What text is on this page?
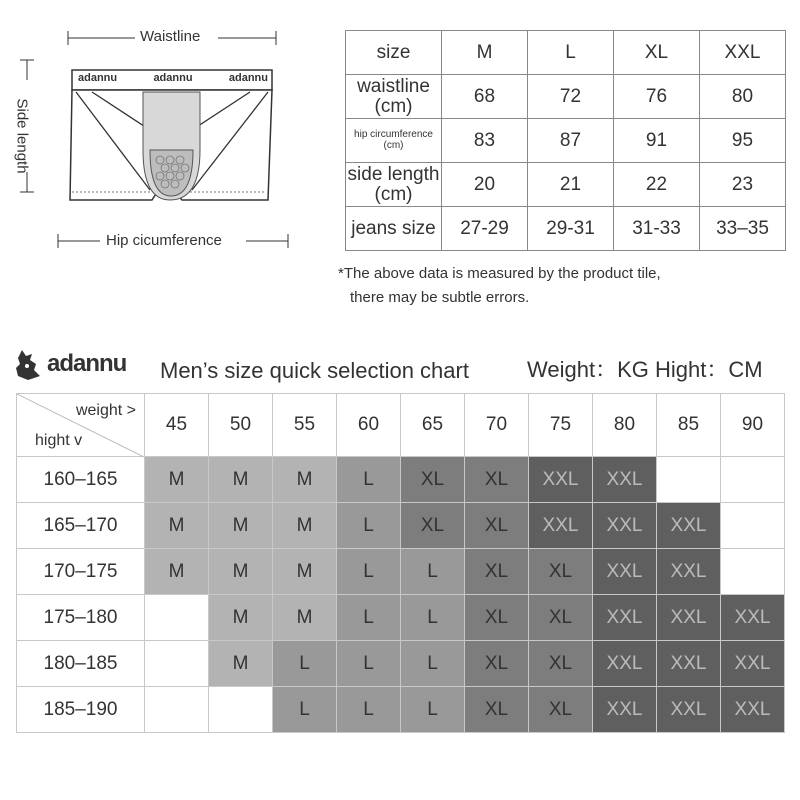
Waistline
Side length
Hip cicumference
adannu	adannu	adannu
size	M	L	XL	XXL

waistline
(cm)	68	72	76	80

hip circumference
(cm)	83	87	91	95

side length
(cm)	20	21	22	23

jeans size	27-29	29-31	31-33	33–35
*The above data is measured by the product tile,
there may be subtle errors.
adannu Men’s size quick selection chart	Weight：KG Hight：CM
weight >
hight v	45	50	55	60	65	70	75	80	85	90
160–165	M	M	M	L	XL	XL	XXL	XXL		
165–170	M	M	M	L	XL	XL	XXL	XXL	XXL	
170–175	M	M	M	L	L	XL	XL	XXL	XXL	
175–180		M	M	L	L	XL	XL	XXL	XXL	XXL
180–185		M	L	L	L	XL	XL	XXL	XXL	XXL
185–190			L	L	L	XL	XL	XXL	XXL	XXL
